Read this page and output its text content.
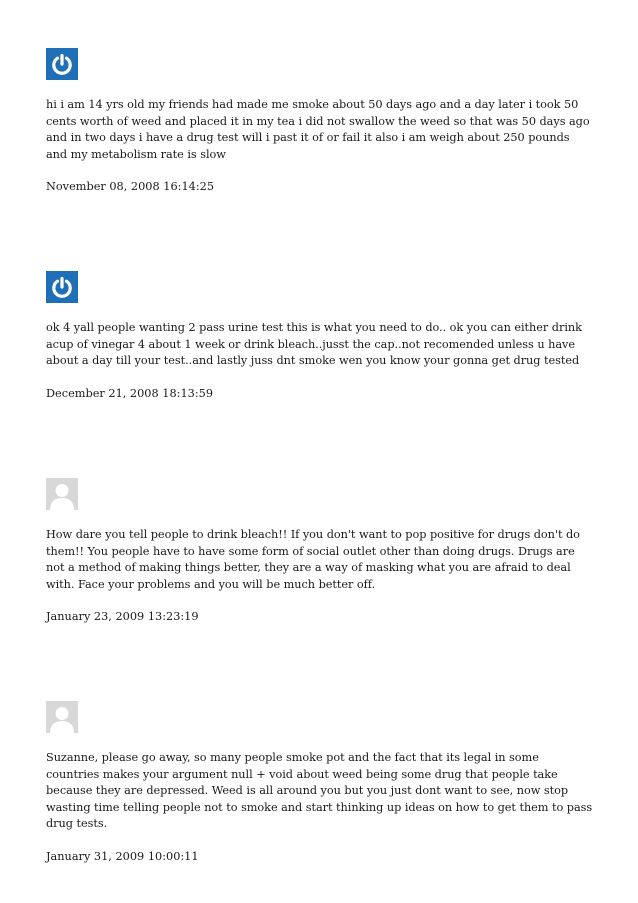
hi i am 14 yrs old my friends had made me smoke about 50 days ago and a day later i took 50 cents worth of weed and placed it in my tea i did not swallow the weed so that was 50 days ago and in two days i have a drug test will i past it of or fail it also i am weigh about 250 pounds and my metabolism rate is slow

November 08, 2008 16:14:25

ok 4 yall people wanting 2 pass urine test this is what you need to do.. ok you can either drink acup of vinegar 4 about 1 week or drink bleach..jusst the cap..not recomended unless u have about a day till your test..and lastly juss dnt smoke wen you know your gonna get drug tested

December 21, 2008 18:13:59

How dare you tell people to drink bleach!! If you don't want to pop positive for drugs don't do them!! You people have to have some form of social outlet other than doing drugs. Drugs are not a method of making things better, they are a way of masking what you are afraid to deal with. Face your problems and you will be much better off.

January 23, 2009 13:23:19

Suzanne, please go away, so many people smoke pot and the fact that its legal in some countries makes your argument null + void about weed being some drug that people take because they are depressed. Weed is all around you but you just dont want to see, now stop wasting time telling people not to smoke and start thinking up ideas on how to get them to pass drug tests.

January 31, 2009 10:00:11
